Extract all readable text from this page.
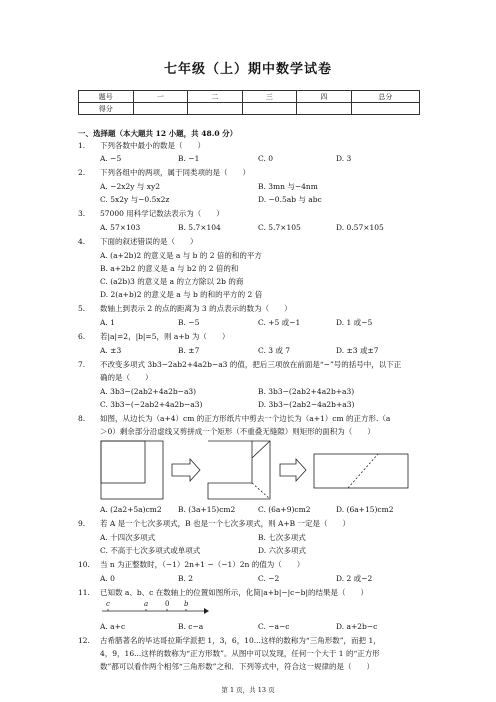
七年级（上）期中数学试卷
题号	一	二	三	四	总分
得分					
一、选择题（本大题共 12 小题，共 48.0 分）
1. 下列各数中最小的数是（　　）
A. −5	B. −1	C. 0	D. 3
2. 下列各组中的两项，属于同类项的是（　　）
A. −2x2y 与 xy2	B. 3mn 与−4nm
C. 5x2y 与−0.5x2z	D. −0.5ab 与 abc
3. 57000 用科学记数法表示为（　　）
A. 57×103	B. 5.7×104	C. 5.7×105	D. 0.57×105
4. 下面的叙述错误的是（　　）
A. (a+2b)2 的意义是 a 与 b 的 2 倍的和的平方
B. a+2b2 的意义是 a 与 b2 的 2 倍的和
C. (a2b)3 的意义是 a 的立方除以 2b 的商
D. 2(a+b)2 的意义是 a 与 b 的和的平方的 2 倍
5. 数轴上到表示 2 的点的距离为 3 的点表示的数为（　　）
A. 1	B. −5	C. +5 或−1	D. 1 或−5
6. 若|a|=2，|b|=5，则 a+b 为（　　）
A. ±3	B. ±7	C. 3 或 7	D. ±3 或±7
7. 不改变多项式 3b3−2ab2+4a2b−a3 的值，把后三项放在前面是“−”号的括号中，以下正
确的是（　　）
A. 3b3−(2ab2+4a2b−a3)	B. 3b3−(2ab2+4a2b+a3)
C. 3b3−(−2ab2+4a2b−a3)	D. 3b3−(2ab2−4a2b+a3)
8. 如图，从边长为（a+4）cm 的正方形纸片中剪去一个边长为（a+1）cm 的正方形.（a
＞0）剩余部分沿虚线又剪拼成一个矩形（不重叠无缝隙）则矩形的面积为（　　）
A. (2a2+5a)cm2 B. (3a+15)cm2	C. (6a+9)cm2	D. (6a+15)cm2
9. 若 A 是一个七次多项式，B 也是一个七次多项式，则 A+B 一定是（　　）
A. 十四次多项式	B. 七次多项式
C. 不高于七次多项式或单项式	D. 六次多项式
10. 当 n 为正整数时，（−1）2n+1 −（−1）2n 的值为（　　）
A. 0	B. 2	C. −2	D. 2 或−2
11. 已知数 a、b、c 在数轴上的位置如图所示，化简|a+b|−|c−b|的结果是（　　）
c	a 0 b
A. a+c	B. c−a	C. −a−c	D. a+2b−c
12. 古希腊著名的毕达哥拉斯学派把 1，3，6，10...这样的数称为“三角形数”，而把 1，
4，9，16...这样的数称为“正方形数”。从图中可以发现，任何一个大于 1 的“正方形
数”都可以看作两个相邻“三角形数”之和．下列等式中，符合这一规律的是（　　）
第 1 页，共 13 页
